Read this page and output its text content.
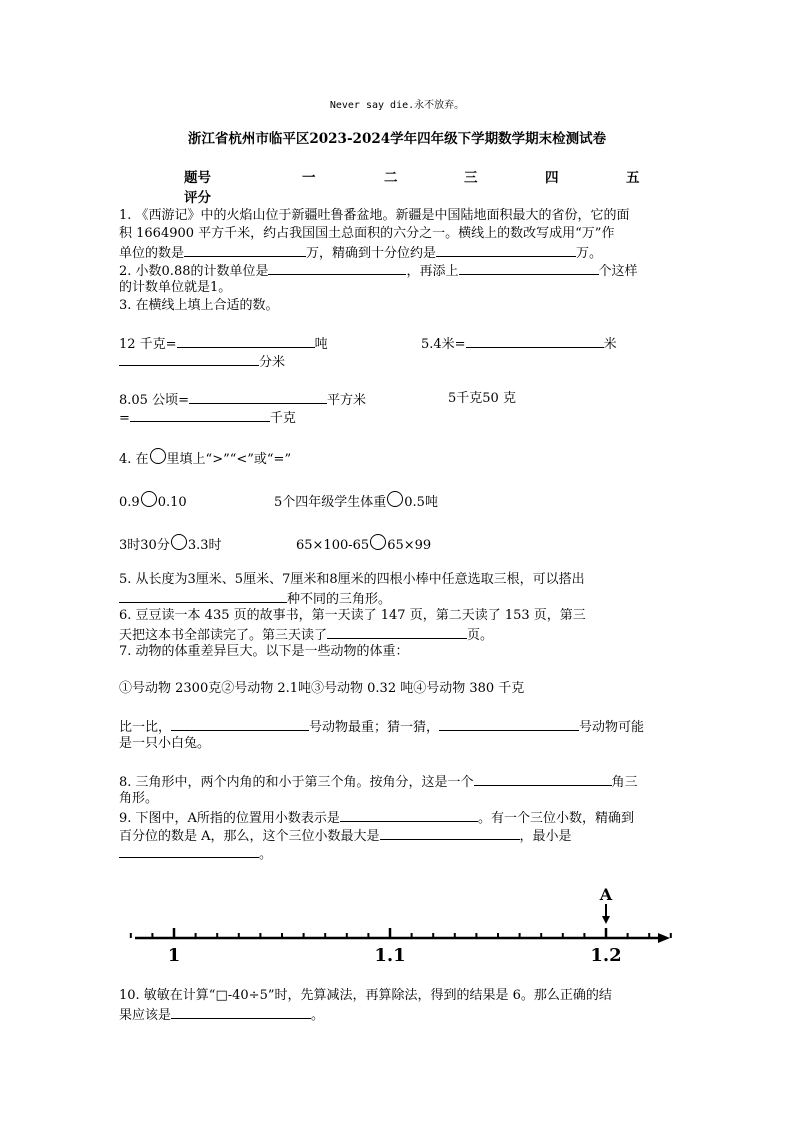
Never say die.永不放弃。
浙江省杭州市临平区2023-2024学年四年级下学期数学期末检测试卷
题号	一	二	三	四	五
评分
1. 《西游记》中的火焰山位于新疆吐鲁番盆地。新疆是中国陆地面积最大的省份，它的面
积 1664900 平方千米，约占我国国土总面积的六分之一。横线上的数改写成用“万”作
单位的数是	万，精确到十分位约是	万。
2. 小数0.88的计数单位是	，再添上	个这样
的计数单位就是1。
3. 在横线上填上合适的数。
12 千克=	吨	5.4米=	米
分米
8.05 公顷=	平方米	5千克50 克
=	千克
4. 在 里填上“>”“<”或“=”
0.9 0.10	5个四年级学生体重 0.5吨
3时30分 3.3时	65×100-65 65×99
5. 从长度为3厘米、5厘米、7厘米和8厘米的四根小棒中任意选取三根，可以搭出
种不同的三角形。
6. 豆豆读一本 435 页的故事书，第一天读了 147 页，第二天读了 153 页，第三
天把这本书全部读完了。第三天读了	页。
7. 动物的体重差异巨大。以下是一些动物的体重：
①号动物 2300克②号动物 2.1吨③号动物 0.32 吨④号动物 380 千克
比一比，	号动物最重；猜一猜，	号动物可能
是一只小白兔。
8. 三角形中，两个内角的和小于第三个角。按角分，这是一个	角三
角形。
9. 下图中，A所指的位置用小数表示是	。有一个三位小数，精确到
百分位的数是 A，那么，这个三位小数最大是	，最小是
。
1	1.1	1.2
A
10. 敏敏在计算“□-40÷5”时，先算减法，再算除法，得到的结果是 6。那么正确的结
果应该是	。
